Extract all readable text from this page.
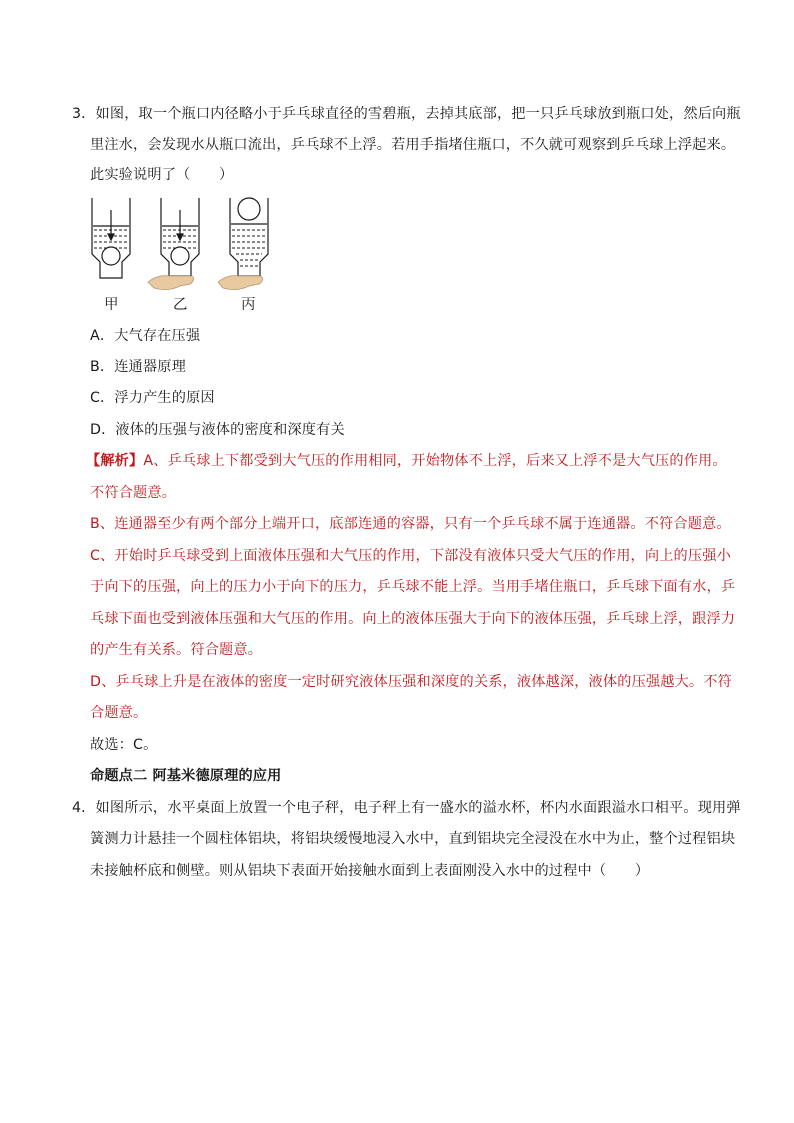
3．如图，取一个瓶口内径略小于乒乓球直径的雪碧瓶，去掉其底部，把一只乒乓球放到瓶口处，然后向瓶
里注水，会发现水从瓶口流出，乒乓球不上浮。若用手指堵住瓶口，不久就可观察到乒乓球上浮起来。
此实验说明了（　　）
甲	乙	丙
A．大气存在压强
B．连通器原理
C．浮力产生的原因
D．液体的压强与液体的密度和深度有关
【解析】A、乒乓球上下都受到大气压的作用相同，开始物体不上浮，后来又上浮不是大气压的作用。
不符合题意。
B、连通器至少有两个部分上端开口，底部连通的容器，只有一个乒乓球不属于连通器。不符合题意。
C、开始时乒乓球受到上面液体压强和大气压的作用，下部没有液体只受大气压的作用，向上的压强小
于向下的压强，向上的压力小于向下的压力，乒乓球不能上浮。当用手堵住瓶口，乒乓球下面有水，乒
乓球下面也受到液体压强和大气压的作用。向上的液体压强大于向下的液体压强，乒乓球上浮，跟浮力
的产生有关系。符合题意。
D、乒乓球上升是在液体的密度一定时研究液体压强和深度的关系，液体越深，液体的压强越大。不符
合题意。
故选：C。
命题点二 阿基米德原理的应用
4．如图所示，水平桌面上放置一个电子秤，电子秤上有一盛水的溢水杯，杯内水面跟溢水口相平。现用弹
簧测力计悬挂一个圆柱体铝块，将铝块缓慢地浸入水中，直到铝块完全浸没在水中为止，整个过程铝块
未接触杯底和侧壁。则从铝块下表面开始接触水面到上表面刚没入水中的过程中（　　）
